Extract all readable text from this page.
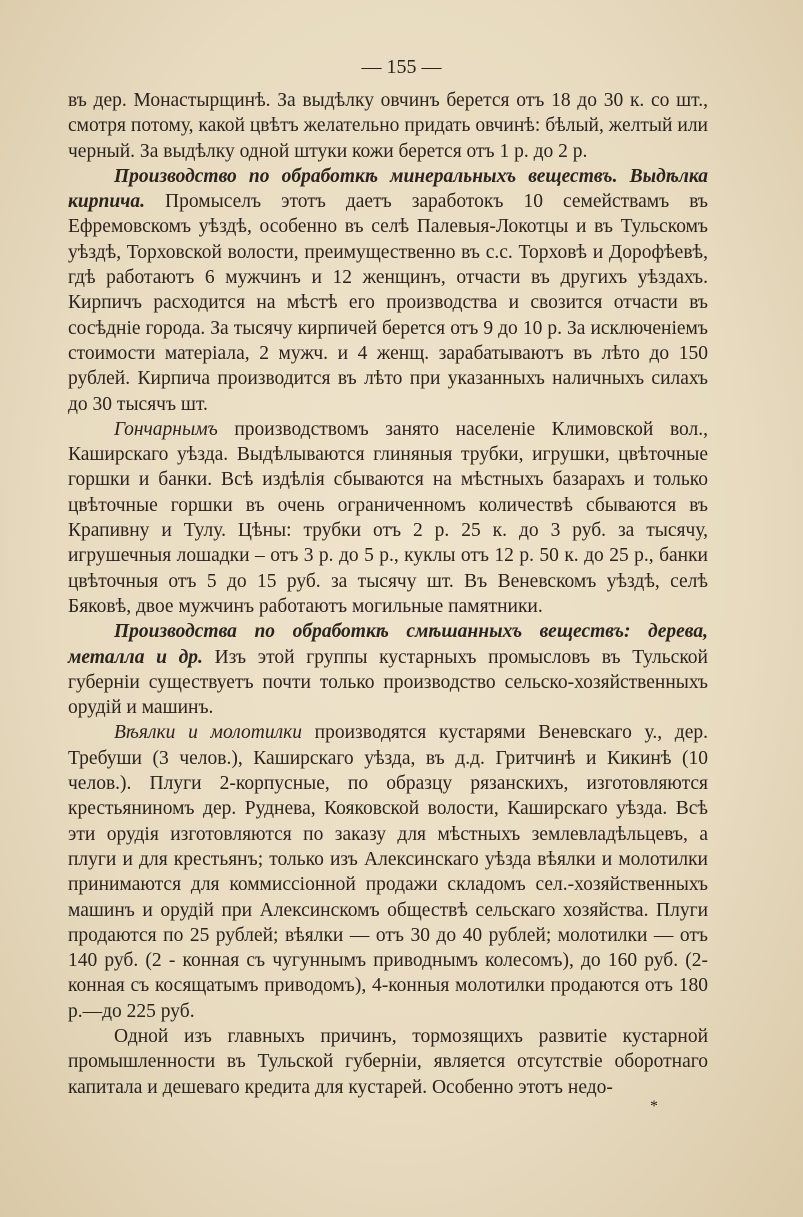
— 155 —

въ дер. Монастырщинѣ. За выдѣлку овчинъ берется отъ 18 до 30 к. со шт., смотря потому, какой цвѣтъ желательно придать овчинѣ: бѣлый, желтый или черный. За выдѣлку одной штуки кожи берется отъ 1 р. до 2 р.

Производство по обработкѣ минеральныхъ веществъ. Выдѣлка кирпича. Промыселъ этотъ даетъ заработокъ 10 семействамъ въ Ефремовскомъ уѣздѣ, особенно въ селѣ Палевыя-Локотцы и въ Тульскомъ уѣздѣ, Торховской волости, преимущественно въ с.с. Торховѣ и Дорофѣевѣ, гдѣ работаютъ 6 мужчинъ и 12 женщинъ, отчасти въ другихъ уѣздахъ. Кирпичъ расходится на мѣстѣ его производства и свозится отчасти въ сосѣдніе города. За тысячу кирпичей берется отъ 9 до 10 р. За исключеніемъ стоимости матеріала, 2 мужч. и 4 женщ. зарабатываютъ въ лѣто до 150 рублей. Кирпича производится въ лѣто при указанныхъ наличныхъ силахъ до 30 тысячъ шт.

Гончарнымъ производствомъ занято населеніе Климовской вол., Каширскаго уѣзда. Выдѣлываются глиняныя трубки, игрушки, цвѣточные горшки и банки. Всѣ издѣлія сбываются на мѣстныхъ базарахъ и только цвѣточные горшки въ очень ограниченномъ количествѣ сбываются въ Крапивну и Тулу. Цѣны: трубки отъ 2 р. 25 к. до 3 руб. за тысячу, игрушечныя лошадки – отъ 3 р. до 5 р., куклы отъ 12 р. 50 к. до 25 р., банки цвѣточныя отъ 5 до 15 руб. за тысячу шт. Въ Веневскомъ уѣздѣ, селѣ Бяковѣ, двое мужчинъ работаютъ могильные памятники.

Производства по обработкѣ смѣшанныхъ веществъ: дерева, металла и др. Изъ этой группы кустарныхъ промысловъ въ Тульской губерніи существуетъ почти только производство сельско-хозяйственныхъ орудій и машинъ.

Вѣялки и молотилки производятся кустарями Веневскаго у., дер. Требуши (3 челов.), Каширскаго уѣзда, въ д.д. Гритчинѣ и Кикинѣ (10 челов.). Плуги 2-корпусные, по образцу рязанскихъ, изготовляются крестьяниномъ дер. Руднева, Кояковской волости, Каширскаго уѣзда. Всѣ эти орудія изготовляются по заказу для мѣстныхъ землевладѣльцевъ, а плуги и для крестьянъ; только изъ Алексинскаго уѣзда вѣялки и молотилки принимаются для коммиссіонной продажи складомъ сел.-хозяйственныхъ машинъ и орудій при Алексинскомъ обществѣ сельскаго хозяйства. Плуги продаются по 25 рублей; вѣялки — отъ 30 до 40 рублей; молотилки — отъ 140 руб. (2 - конная съ чугуннымъ приводнымъ колесомъ), до 160 руб. (2-конная съ косящатымъ приводомъ), 4-конныя молотилки продаются отъ 180 р.—до 225 руб.

Одной изъ главныхъ причинъ, тормозящихъ развитіе кустарной промышленности въ Тульской губерніи, является отсутствіе оборотнаго капитала и дешеваго кредита для кустарей. Особенно этотъ недо-

*
